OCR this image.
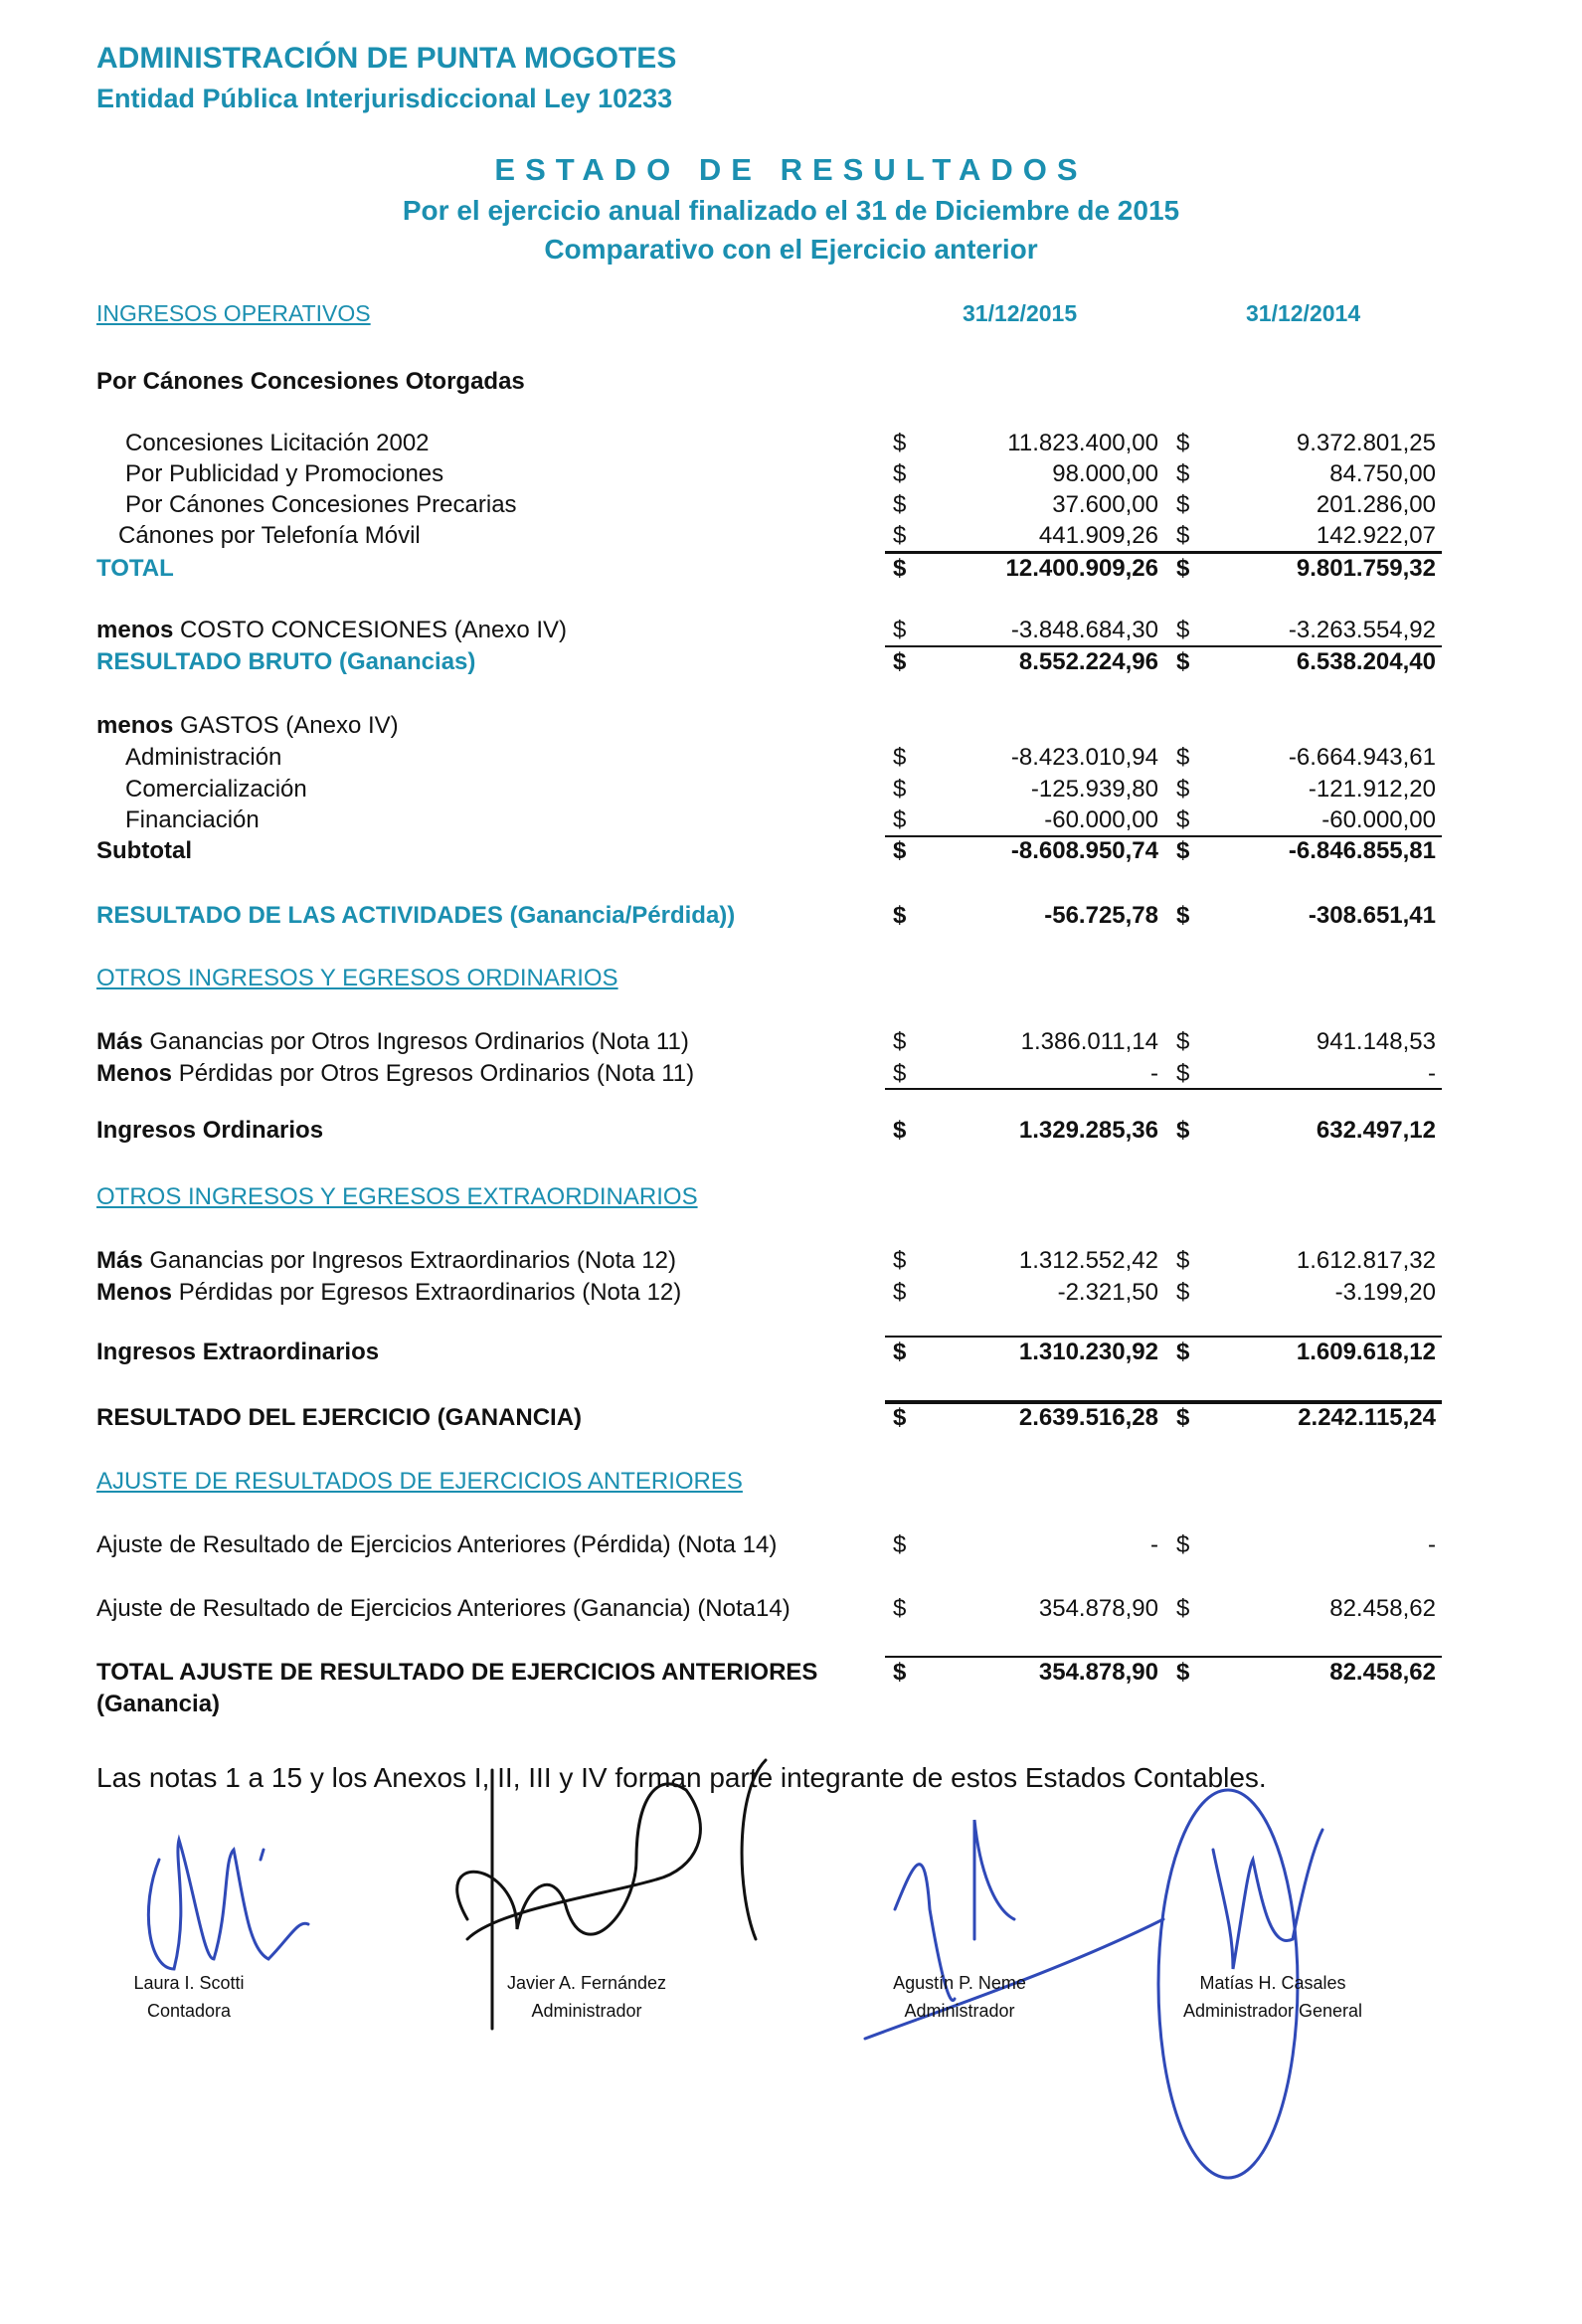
ADMINISTRACIÓN DE PUNTA MOGOTES
Entidad Pública Interjurisdiccional Ley 10233
ESTADO DE RESULTADOS
Por el ejercicio anual finalizado el 31 de Diciembre de 2015
Comparativo con el Ejercicio anterior
INGRESOS OPERATIVOS	31/12/2015	31/12/2014
Por Cánones Concesiones Otorgadas
Concesiones Licitación 2002	$	11.823.400,00 $	9.372.801,25
Por Publicidad y Promociones	$	98.000,00 $	84.750,00
Por Cánones Concesiones Precarias	$	37.600,00 $	201.286,00
Cánones por Telefonía Móvil	$	441.909,26 $	142.922,07
TOTAL	$	12.400.909,26 $	9.801.759,32
menos COSTO CONCESIONES (Anexo IV)	$	-3.848.684,30 $	-3.263.554,92
RESULTADO BRUTO (Ganancias)	$	8.552.224,96 $	6.538.204,40
menos GASTOS (Anexo IV)
Administración	$	-8.423.010,94 $	-6.664.943,61
Comercialización	$	-125.939,80 $	-121.912,20
Financiación	$	-60.000,00 $	-60.000,00
Subtotal	$	-8.608.950,74 $	-6.846.855,81
RESULTADO DE LAS ACTIVIDADES (Ganancia/Pérdida))	$	-56.725,78 $	-308.651,41
OTROS INGRESOS Y EGRESOS ORDINARIOS
Más Ganancias por Otros Ingresos Ordinarios (Nota 11)	$	1.386.011,14 $	941.148,53
Menos Pérdidas por Otros Egresos Ordinarios (Nota 11)	$	- $	-
Ingresos Ordinarios	$	1.329.285,36 $	632.497,12
OTROS INGRESOS Y EGRESOS EXTRAORDINARIOS
Más Ganancias por Ingresos Extraordinarios (Nota 12)	$	1.312.552,42 $	1.612.817,32
Menos Pérdidas por Egresos Extraordinarios (Nota 12)	$	-2.321,50 $	-3.199,20
Ingresos Extraordinarios	$	1.310.230,92 $	1.609.618,12
RESULTADO DEL EJERCICIO (GANANCIA)	$	2.639.516,28 $	2.242.115,24
AJUSTE DE RESULTADOS DE EJERCICIOS ANTERIORES
Ajuste de Resultado de Ejercicios Anteriores (Pérdida) (Nota 14)	$	- $	-
Ajuste de Resultado de Ejercicios Anteriores (Ganancia) (Nota14)	$	354.878,90 $	82.458,62
TOTAL AJUSTE DE RESULTADO DE EJERCICIOS ANTERIORES	$	354.878,90 $	82.458,62
(Ganancia)
Las notas 1 a 15 y los Anexos I, II, III y IV forman parte integrante de estos Estados Contables.
Laura I. Scotti
Contadora
Javier A. Fernández
Administrador
Agustín P. Neme
Administrador
Matías H. Casales
Administrador General
